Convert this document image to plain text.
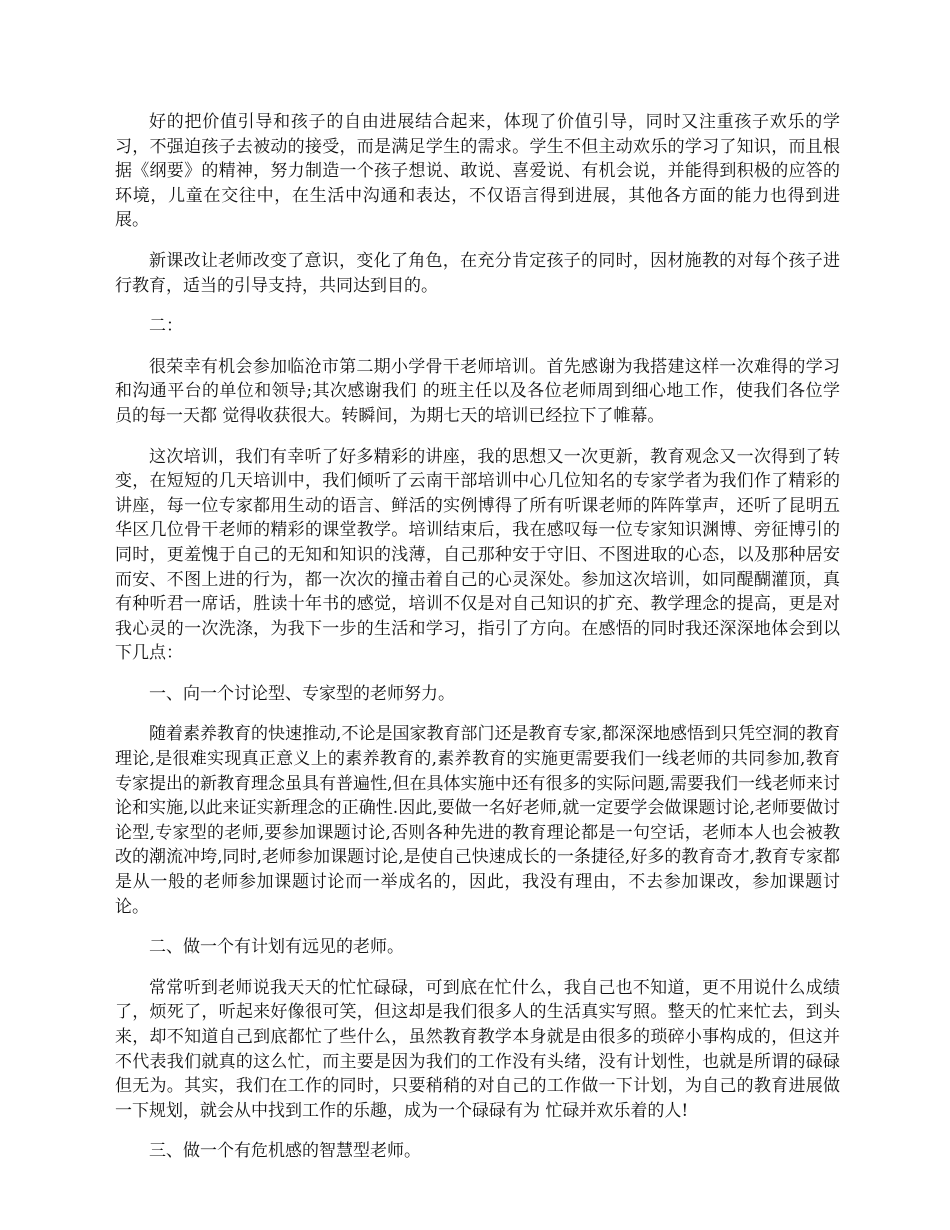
好的把价值引导和孩子的自由进展结合起来，体现了价值引导，同时又注重孩子欢乐的学习，不强迫孩子去被动的接受，而是满足学生的需求。学生不但主动欢乐的学习了知识，而且根据《纲要》的精神，努力制造一个孩子想说、敢说、喜爱说、有机会说，并能得到积极的应答的环境，儿童在交往中，在生活中沟通和表达，不仅语言得到进展，其他各方面的能力也得到进展。

新课改让老师改变了意识，变化了角色，在充分肯定孩子的同时，因材施教的对每个孩子进行教育，适当的引导支持，共同达到目的。

二：

很荣幸有机会参加临沧市第二期小学骨干老师培训。首先感谢为我搭建这样一次难得的学习和沟通平台的单位和领导;其次感谢我们 的班主任以及各位老师周到细心地工作，使我们各位学员的每一天都 觉得收获很大。转瞬间，为期七天的培训已经拉下了帷幕。

这次培训，我们有幸听了好多精彩的讲座，我的思想又一次更新，教育观念又一次得到了转变，在短短的几天培训中，我们倾听了云南干部培训中心几位知名的专家学者为我们作了精彩的讲座，每一位专家都用生动的语言、鲜活的实例博得了所有听课老师的阵阵掌声，还听了昆明五华区几位骨干老师的精彩的课堂教学。培训结束后，我在感叹每一位专家知识渊博、旁征博引的同时，更羞愧于自己的无知和知识的浅薄，自己那种安于守旧、不图进取的心态，以及那种居安而安、不图上进的行为，都一次次的撞击着自己的心灵深处。参加这次培训，如同醍醐灌顶，真有种听君一席话，胜读十年书的感觉，培训不仅是对自己知识的扩充、教学理念的提高，更是对我心灵的一次洗涤，为我下一步的生活和学习，指引了方向。在感悟的同时我还深深地体会到以下几点：

一、向一个讨论型、专家型的老师努力。

随着素养教育的快速推动,不论是国家教育部门还是教育专家,都深深地感悟到只凭空洞的教育理论,是很难实现真正意义上的素养教育的,素养教育的实施更需要我们一线老师的共同参加,教育专家提出的新教育理念虽具有普遍性,但在具体实施中还有很多的实际问题,需要我们一线老师来讨论和实施,以此来证实新理念的正确性.因此,要做一名好老师,就一定要学会做课题讨论,老师要做讨论型,专家型的老师,要参加课题讨论,否则各种先进的教育理论都是一句空话，老师本人也会被教改的潮流冲垮,同时,老师参加课题讨论,是使自己快速成长的一条捷径,好多的教育奇才,教育专家都是从一般的老师参加课题讨论而一举成名的，因此，我没有理由，不去参加课改，参加课题讨论。

二、做一个有计划有远见的老师。

常常听到老师说我天天的忙忙碌碌，可到底在忙什么，我自己也不知道，更不用说什么成绩了，烦死了，听起来好像很可笑，但这却是我们很多人的生活真实写照。整天的忙来忙去，到头来，却不知道自己到底都忙了些什么，虽然教育教学本身就是由很多的琐碎小事构成的，但这并不代表我们就真的这么忙，而主要是因为我们的工作没有头绪，没有计划性，也就是所谓的碌碌但无为。其实，我们在工作的同时，只要稍稍的对自己的工作做一下计划，为自己的教育进展做一下规划，就会从中找到工作的乐趣，成为一个碌碌有为 忙碌并欢乐着的人!

三、做一个有危机感的智慧型老师。
